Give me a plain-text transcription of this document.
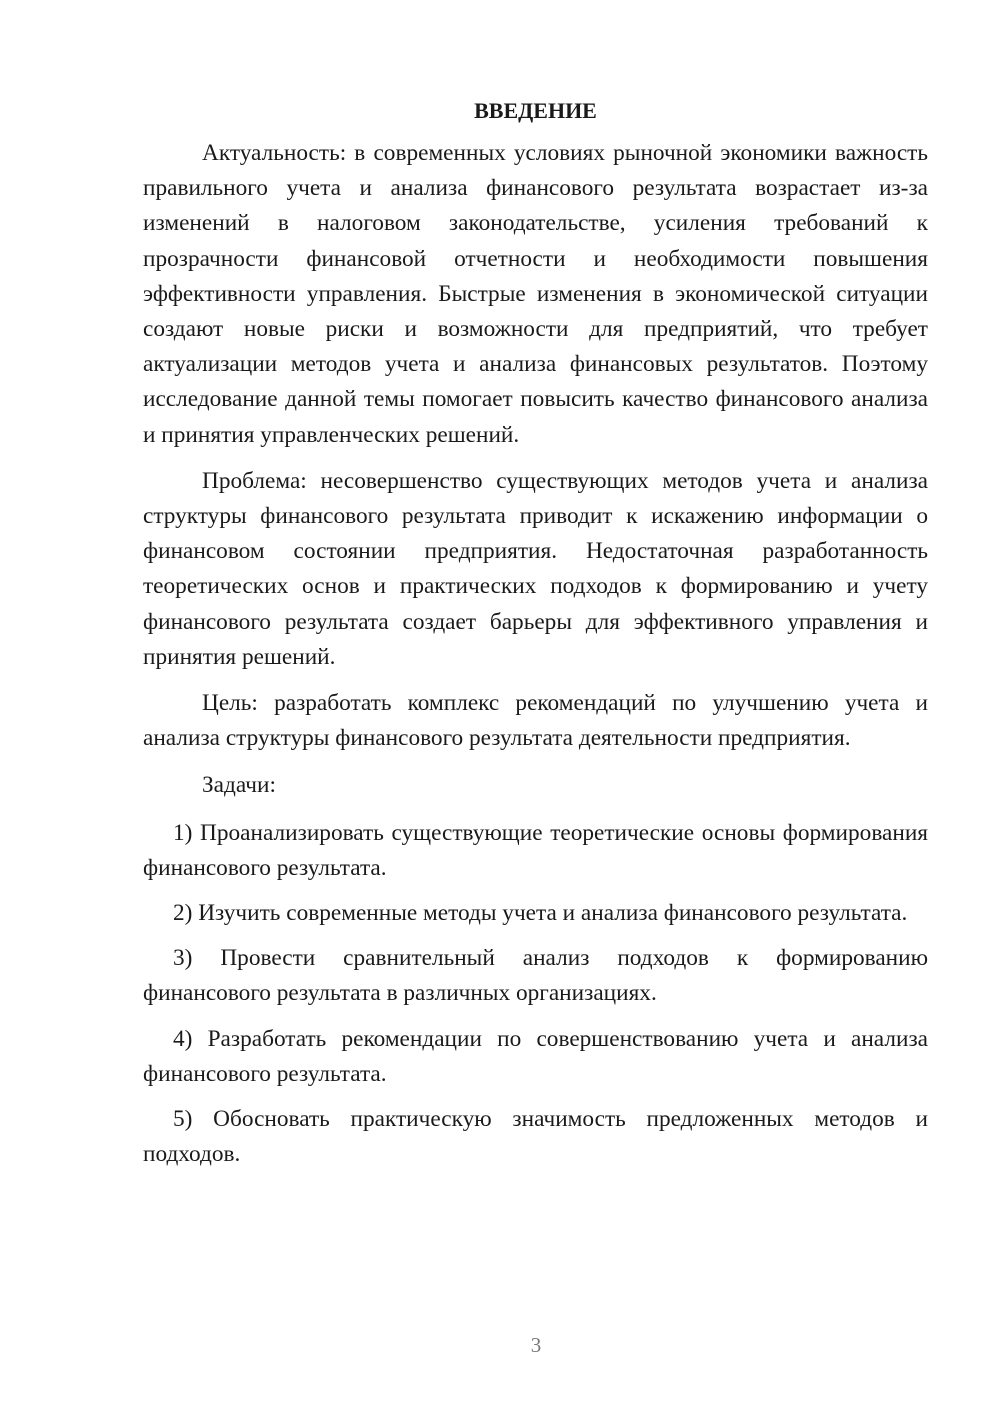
ВВЕДЕНИЕ

Актуальность: в современных условиях рыночной экономики важность правильного учета и анализа финансового результата возрастает из-за изменений в налоговом законодательстве, усиления требований к прозрачности финансовой отчетности и необходимости повышения эффективности управления. Быстрые изменения в экономической ситуации создают новые риски и возможности для предприятий, что требует актуализации методов учета и анализа финансовых результатов. Поэтому исследование данной темы помогает повысить качество финансового анализа и принятия управленческих решений.

Проблема: несовершенство существующих методов учета и анализа структуры финансового результата приводит к искажению информации о финансовом состоянии предприятия. Недостаточная разработанность теоретических основ и практических подходов к формированию и учету финансового результата создает барьеры для эффективного управления и принятия решений.

Цель: разработать комплекс рекомендаций по улучшению учета и анализа структуры финансового результата деятельности предприятия.

Задачи:

1) Проанализировать существующие теоретические основы формирования финансового результата.

2) Изучить современные методы учета и анализа финансового результата.

3) Провести сравнительный анализ подходов к формированию финансового результата в различных организациях.

4) Разработать рекомендации по совершенствованию учета и анализа финансового результата.

5) Обосновать практическую значимость предложенных методов и подходов.

3
